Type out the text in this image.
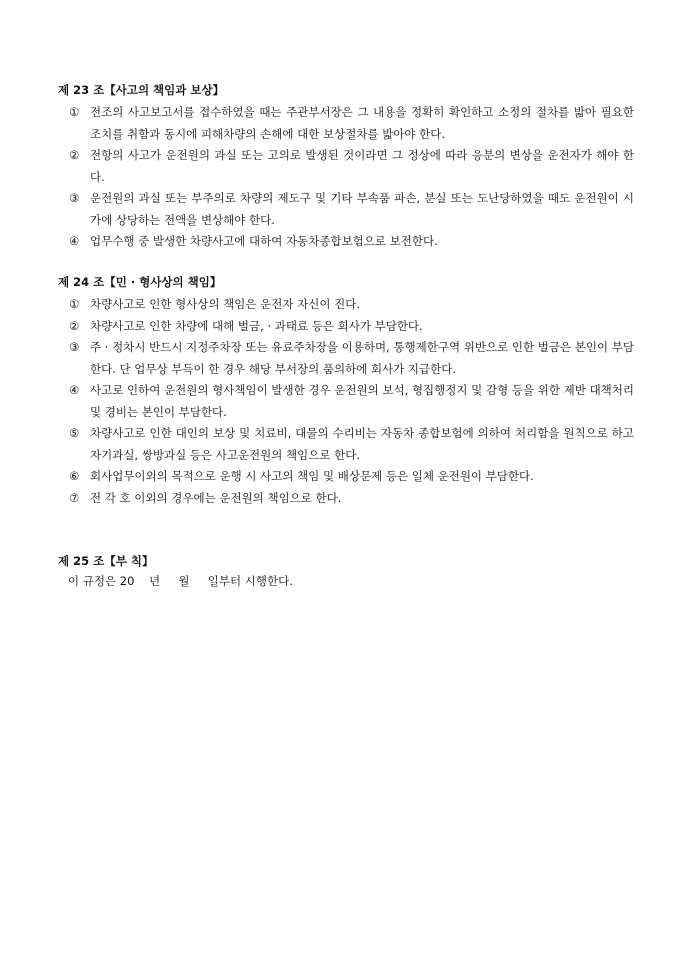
제 23 조【사고의 책임과 보상】
① 전조의 사고보고서를 접수하였을 때는 주관부서장은 그 내용을 정확히 확인하고 소정의 절차를 밟아 필요한 조치를 취함과 동시에 피해차량의 손해에 대한 보상절차를 밟아야 한다.
② 전항의 사고가 운전원의 과실 또는 고의로 발생된 것이라면 그 정상에 따라 응분의 변상을 운전자가 해야 한다.
③ 운전원의 과실 또는 부주의로 차량의 제도구 및 기타 부속품 파손, 분실 또는 도난당하였을 때도 운전원이 시가에 상당하는 전액을 변상해야 한다.
④ 업무수행 중 발생한 차량사고에 대하여 자동차종합보험으로 보전한다.
제 24 조【민 · 형사상의 책임】
① 차량사고로 인한 형사상의 책임은 운전자 자신이 진다.
② 차량사고로 인한 차량에 대해 벌금, · 과태료 등은 회사가 부담한다.
③ 주 · 정차시 반드시 지정주차장 또는 유료주차장을 이용하며, 통행제한구역 위반으로 인한 벌금은 본인이 부담한다. 단 업무상 부득이 한 경우 해당 부서장의 품의하에 회사가 지급한다.
④ 사고로 인하여 운전원의 형사책임이 발생한 경우 운전원의 보석, 형집행정지 및 감형 등을 위한 제반 대책처리 및 경비는 본인이 부담한다.
⑤ 차량사고로 인한 대인의 보상 및 치료비, 대물의 수리비는 자동차 종합보험에 의하여 처리함을 원칙으로 하고 자기과실, 쌍방과실 등은 사고운전원의 책임으로 한다.
⑥ 회사업무이외의 목적으로 운행 시 사고의 책임 및 배상문제 등은 일체 운전원이 부담한다.
⑦ 전 각 호 이외의 경우에는 운전원의 책임으로 한다.
제 25 조【부 칙】
이 규정은 20    년     월     일부터 시행한다.
